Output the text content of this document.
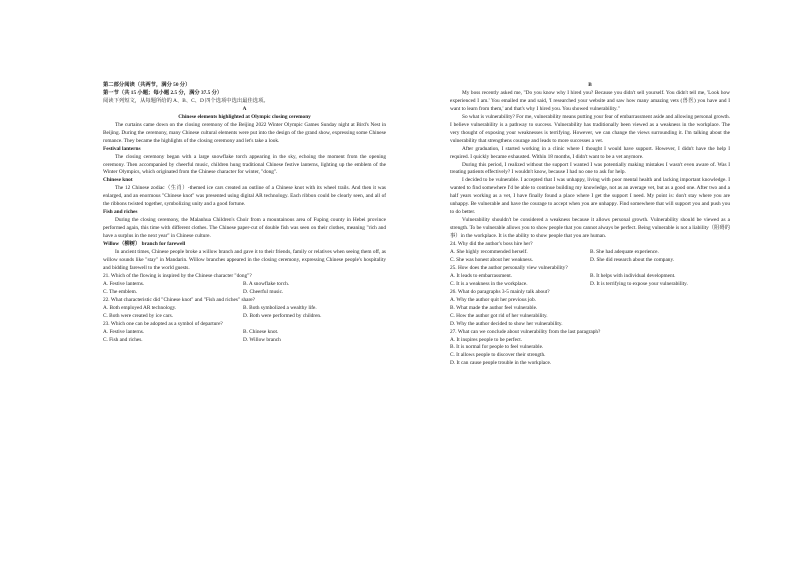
第二部分阅读（共两节，满分 50 分）

第一节（共 15 小题；每小题 2.5 分，满分 37.5 分）

阅读下列短文，从每题所给的 A、B、C、D 四个选项中选出最佳选项。

A

Chinese elements highlighted at Olympic closing ceremony

The curtains came down on the closing ceremony of the Beijing 2022 Winter Olympic Games Sunday night at Bird's Nest in Beijing. During the ceremony, many Chinese cultural elements were put into the design of the grand show, expressing some Chinese romance. They became the highlights of the closing ceremony and let's take a look.

Festival lanterns

The closing ceremony began with a large snowflake torch appearing in the sky, echoing the moment from the opening ceremony. Then accompanied by cheerful music, children hung traditional Chinese festive lanterns, lighting up the emblem of the Winter Olympics, which originated from the Chinese character for winter, "dong".

Chinese knot

The 12 Chinese zodiac（生肖）-themed ice cars created an outline of a Chinese knot with its wheel trails. And then it was enlarged, and an enormous "Chinese knot" was presented using digital AR technology. Each ribbon could be clearly seen, and all of the ribbons twisted together, symbolizing unity and a good fortune.

Fish and riches

During the closing ceremony, the Malanhua Children's Choir from a mountainous area of Fuping county in Hebei province performed again, this time with different clothes. The Chinese paper-cut of double fish was seen on their clothes, meaning "rich and have a surplus in the next year" in Chinese culture.

Willow（柳树） branch for farewell

In ancient times, Chinese people broke a willow branch and gave it to their friends, family or relatives when seeing them off, as willow sounds like "stay" in Mandarin. Willow branches appeared in the closing ceremony, expressing Chinese people's hospitality and bidding farewell to the world guests.

21. Which of the flowing is inspired by the Chinese character "dong"?

A. Festive lanterns.	B. A snowflake torch.
C. The emblem.	D. Cheerful music.

22. What characteristic did "Chinese knot" and "Fish and riches" share?

A. Both employed AR technology.	B. Both symbolized a wealthy life.
C. Both were created by ice cars.	D. Both were performed by children.

23. Which one can be adopted as a symbol of departure?

A. Festive lanterns.	B. Chinese knot.
C. Fish and riches.	D. Willow branch

B

My boss recently asked me, "Do you know why I hired you? Because you didn't sell yourself. You didn't tell me, 'Look how experienced I am.' You emailed me and said, 'I researched your website and saw how many amazing vets (兽医) you have and I want to learn from them,' and that's why I hired you. You showed vulnerability."

So what is vulnerability? For me, vulnerability means putting your fear of embarrassment aside and allowing personal growth. I believe vulnerability is a pathway to success. Vulnerability has traditionally been viewed as a weakness in the workplace. The very thought of exposing your weaknesses is terrifying. However, we can change the views surrounding it. I'm talking about the vulnerability that strengthens courage and leads to more successes a vet.

After graduation, I started working in a clinic where I thought I would have support. However, I didn't have the help I required. I quickly became exhausted. Within 18 months, I didn't want to be a vet anymore.

During this period, I realized without the support I wanted I was potentially making mistakes I wasn't even aware of. Was I treating patients effectively? I wouldn't know, because I had no one to ask for help.

I decided to be vulnerable. I accepted that I was unhappy, living with poor mental health and lacking important knowledge. I wanted to find somewhere I'd be able to continue building my knowledge, not as an average vet, but as a good one. After two and a half years working as a vet, I have finally found a place where I get the support I need. My point is: don't stay where you are unhappy. Be vulnerable and have the courage to accept when you are unhappy. Find somewhere that will support you and push you to do better.

Vulnerability shouldn't be considered a weakness because it allows personal growth. Vulnerability should be viewed as a strength. To be vulnerable allows you to show people that you cannot always be perfect. Being vulnerable is not a liability（阻碍的事）in the workplace. It is the ability to show people that you are human.

24. Why did the author's boss hire her?

A. She highly recommended herself.	B. She had adequate experience.
C. She was honest about her weakness.	D. She did research about the company.

25. How does the author personally view vulnerability?

A. It leads to embarrassment.	B. It helps with individual development.
C. It is a weakness in the workplace.	D. It is terrifying to expose your vulnerability.

26. What do paragraphs 3-5 mainly talk about?

A. Why the author quit her previous job.

B. What made the author feel vulnerable.

C. How the author got rid of her vulnerability.

D. Why the author decided to show her vulnerability.

27. What can we conclude about vulnerability from the last paragraph?

A. It inspires people to be perfect.

B. It is normal for people to feel vulnerable.

C. It allows people to discover their strength.

D. It can cause people trouble in the workplace.
